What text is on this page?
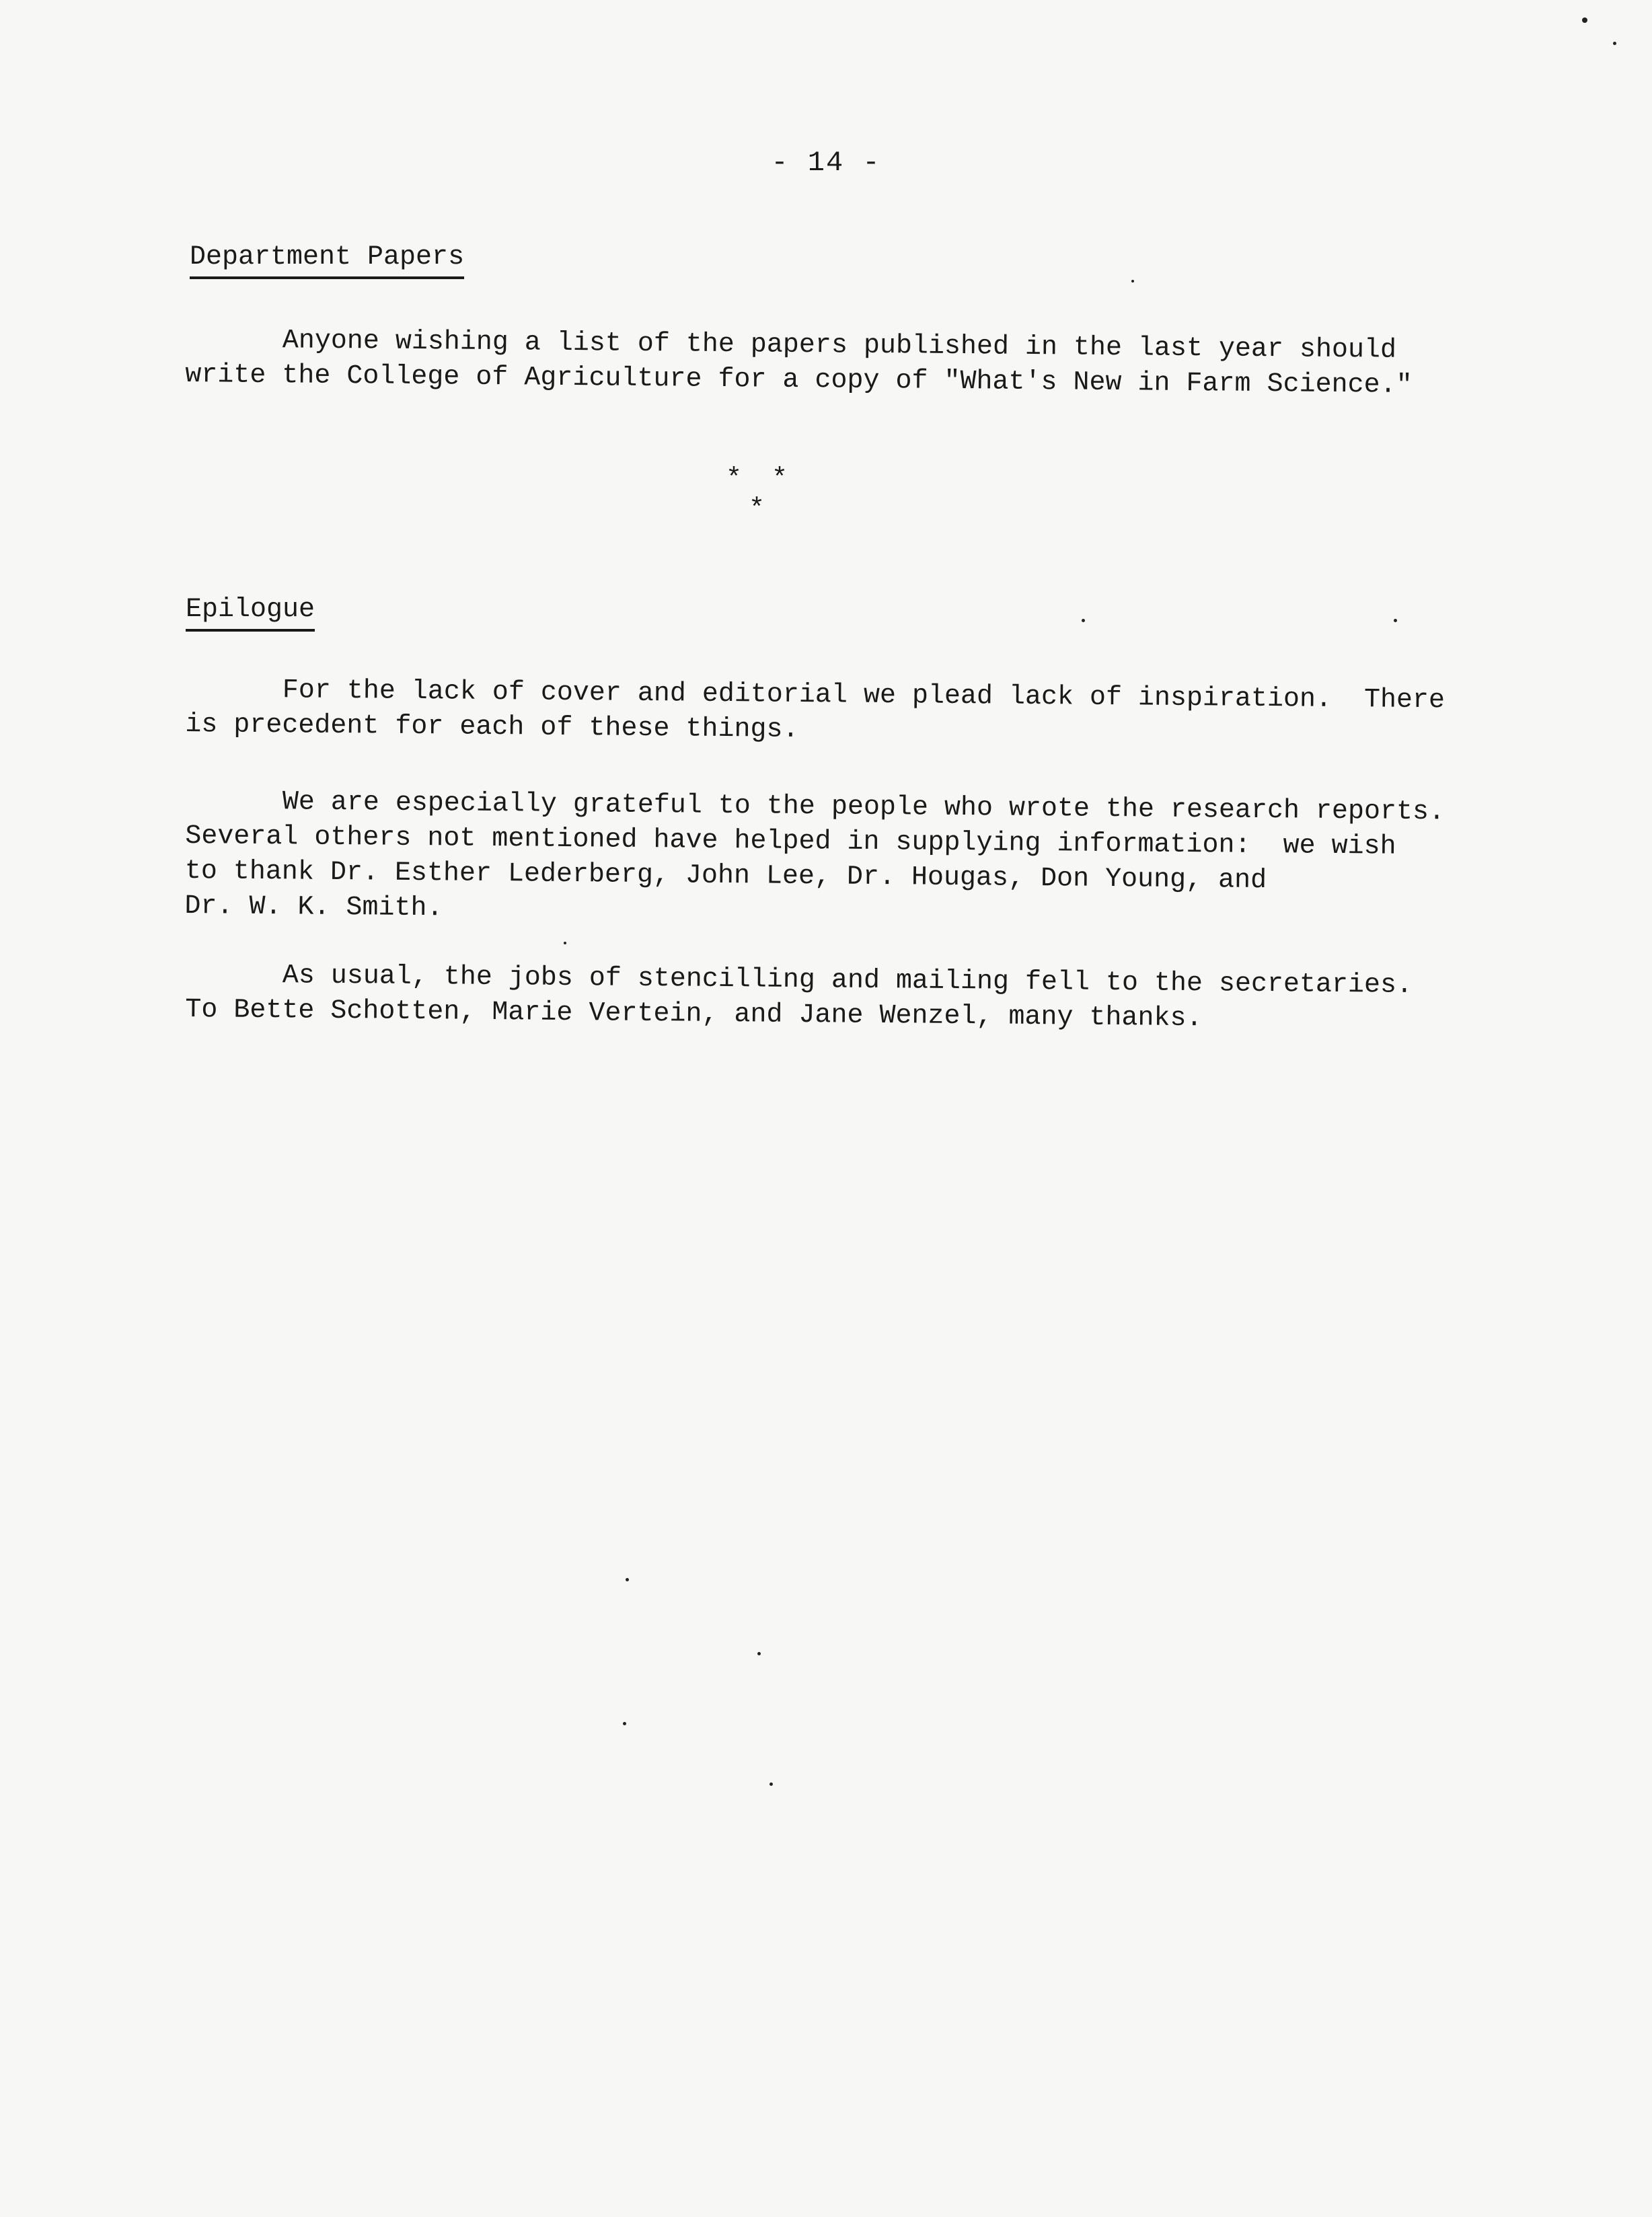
- 14 -
Department Papers
Anyone wishing a list of the papers published in the last year should
write the College of Agriculture for a copy of "What's New in Farm Science."
* * *
Epilogue
For the lack of cover and editorial we plead lack of inspiration.  There
is precedent for each of these things.
We are especially grateful to the people who wrote the research reports.
Several others not mentioned have helped in supplying information:  we wish
to thank Dr. Esther Lederberg, John Lee, Dr. Hougas, Don Young, and
Dr. W. K. Smith.
As usual, the jobs of stencilling and mailing fell to the secretaries.
To Bette Schotten, Marie Vertein, and Jane Wenzel, many thanks.
